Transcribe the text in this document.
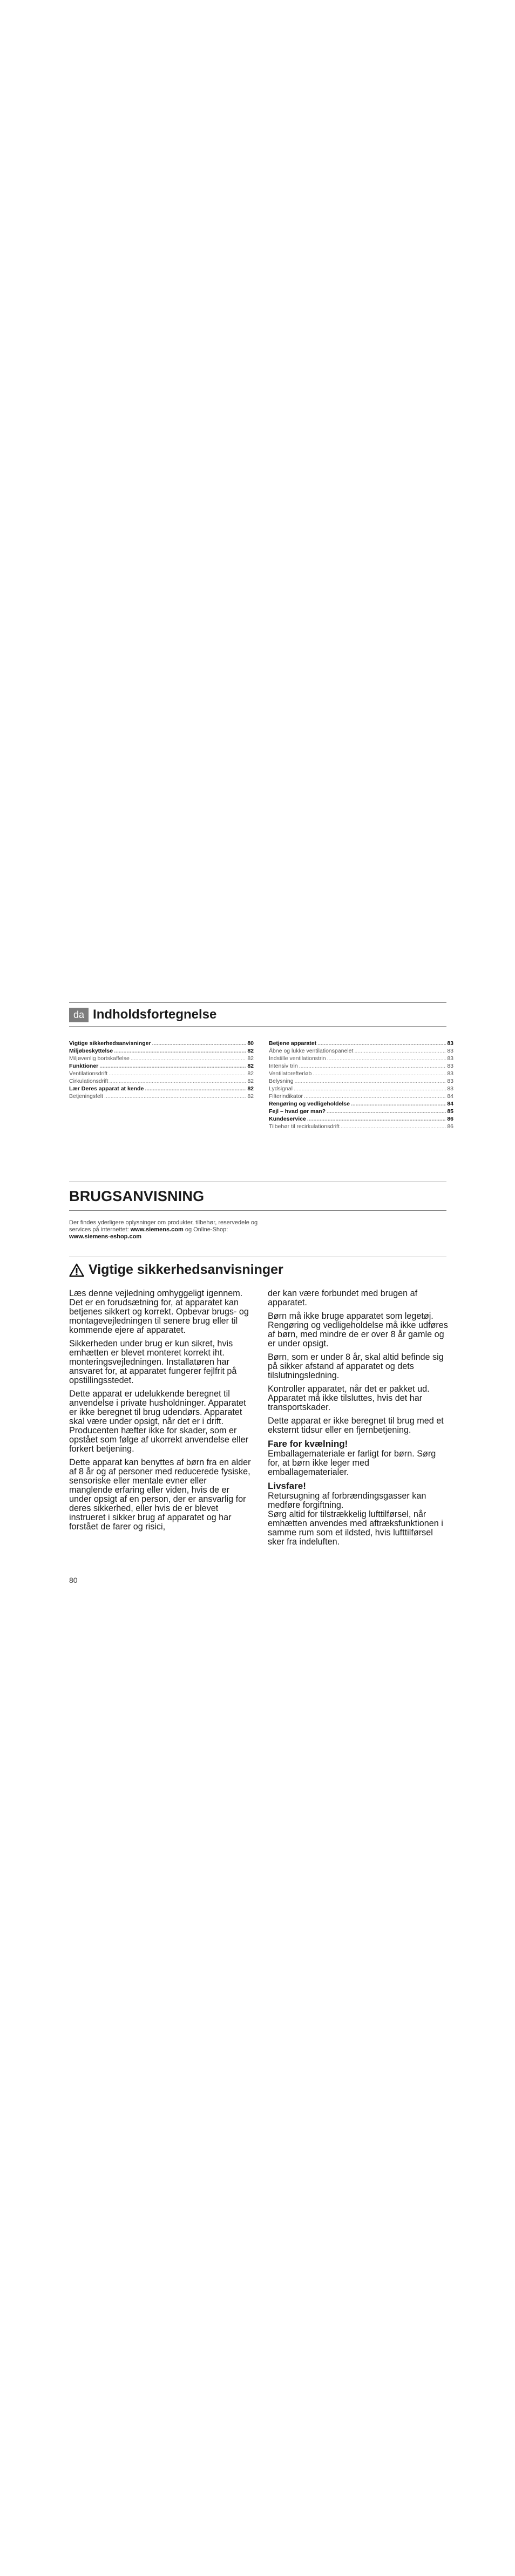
da Indholdsfortegnelse
Vigtige sikkerhedsanvisninger .....	80
Miljøbeskyttelse .....	82
Miljøvenlig bortskaffelse .....	82
Funktioner .....	82
Ventilationsdrift .....	82
Cirkulationsdrift .....	82
Lær Deres apparat at kende .....	82
Betjeningsfelt .....	82
Betjene apparatet .....	83
Åbne og lukke ventilationspanelet .....	83
Indstille ventilationstrin .....	83
Intensiv trin .....	83
Ventilatorefterløb .....	83
Belysning .....	83
Lydsignal .....	83
Filterindikator .....	84
Rengøring og vedligeholdelse .....	84
Fejl – hvad gør man? .....	85
Kundeservice .....	86
Tilbehør til recirkulationsdrift .....	86
BRUGSANVISNING
Der findes yderligere oplysninger om produkter, tilbehør, reservedele og services på internettet: www.siemens.com og Online-Shop: www.siemens-eshop.com
Vigtige sikkerhedsanvisninger

Læs denne vejledning omhyggeligt igennem. Det er en forudsætning for, at apparatet kan betjenes sikkert og korrekt. Opbevar brugs- og montagevejledningen til senere brug eller til kommende ejere af apparatet.

Sikkerheden under brug er kun sikret, hvis emhætten er blevet monteret korrekt iht. monteringsvejledningen. Installatøren har ansvaret for, at apparatet fungerer fejlfrit på opstillingsstedet.

Dette apparat er udelukkende beregnet til anvendelse i private husholdninger. Apparatet er ikke beregnet til brug udendørs. Apparatet skal være under opsigt, når det er i drift. Producenten hæfter ikke for skader, som er opstået som følge af ukorrekt anvendelse eller forkert betjening.

Dette apparat kan benyttes af børn fra en alder af 8 år og af personer med reducerede fysiske, sensoriske eller mentale evner eller manglende erfaring eller viden, hvis de er under opsigt af en person, der er ansvarlig for deres sikkerhed, eller hvis de er blevet instrueret i sikker brug af apparatet og har forstået de farer og risici,

der kan være forbundet med brugen af apparatet.

Børn må ikke bruge apparatet som legetøj. Rengøring og vedligeholdelse må ikke udføres af børn, med mindre de er over 8 år gamle og er under opsigt.

Børn, som er under 8 år, skal altid befinde sig på sikker afstand af apparatet og dets tilslutningsledning.

Kontroller apparatet, når det er pakket ud. Apparatet må ikke tilsluttes, hvis det har transportskader.

Dette apparat er ikke beregnet til brug med et eksternt tidsur eller en fjernbetjening.

Fare for kvælning!

Emballagemateriale er farligt for børn. Sørg for, at børn ikke leger med emballagematerialer.

Livsfare!

Retursugning af forbrændingsgasser kan medføre forgiftning.

Sørg altid for tilstrækkelig lufttilførsel, når emhætten anvendes med aftræksfunktionen i samme rum som et ildsted, hvis lufttilførsel sker fra indeluften.

80
